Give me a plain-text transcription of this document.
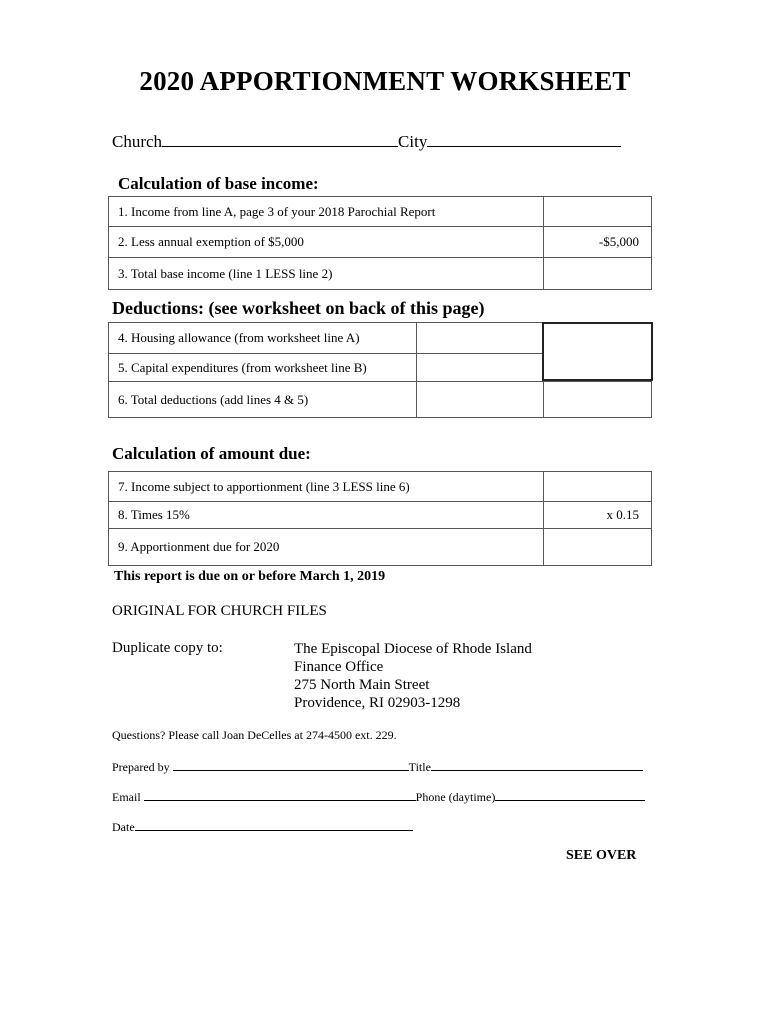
2020 APPORTIONMENT WORKSHEET
Church	City
Calculation of base income:
1. Income from line A, page 3 of your 2018 Parochial Report	
2. Less annual exemption of $5,000	-$5,000
3. Total base income (line 1 LESS line 2)	
Deductions: (see worksheet on back of this page)
4. Housing allowance (from worksheet line A)		
5. Capital expenditures (from worksheet line B)		
6. Total deductions (add lines 4 & 5)		
Calculation of amount due:
7. Income subject to apportionment (line 3 LESS line 6)	
8. Times 15%	x 0.15
9. Apportionment due for 2020	
This report is due on or before March 1, 2019
ORIGINAL FOR CHURCH FILES
Duplicate copy to:	The Episcopal Diocese of Rhode Island
Finance Office
275 North Main Street
Providence, RI 02903-1298
Questions? Please call Joan DeCelles at 274-4500 ext. 229.
Prepared by	Title
Email	Phone (daytime)
Date
SEE OVER
